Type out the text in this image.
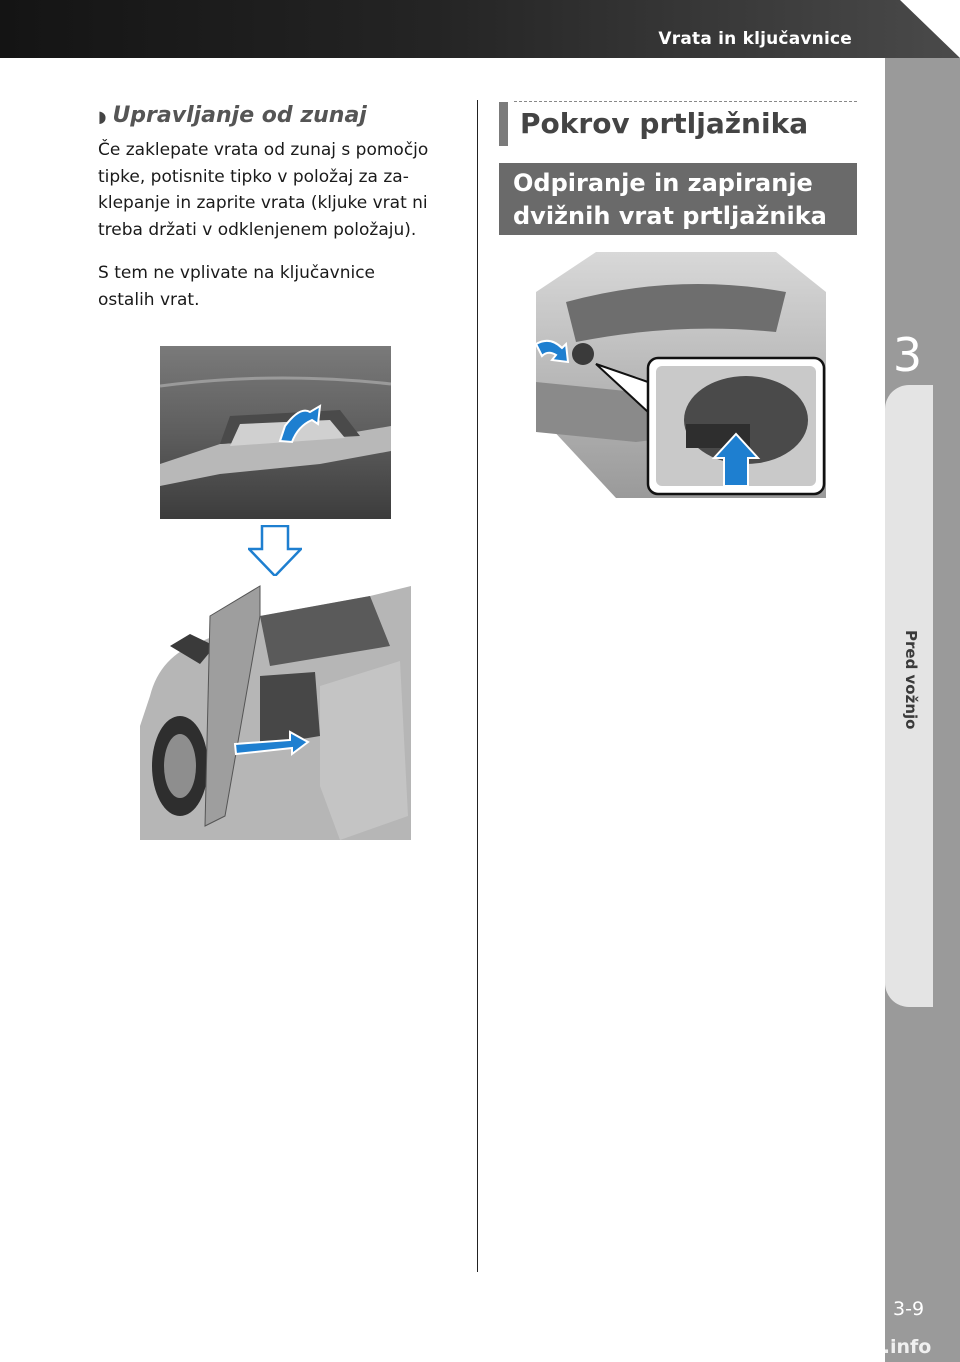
Vrata in ključavnice
3
Pred vožnjo
3-9
◗ Upravljanje od zunaj
Če zaklepate vrata od zunaj s pomočjo
tipke, potisnite tipko v položaj za za-
klepanje in zaprite vrata (kljuke vrat ni
treba držati v odklenjenem položaju).
S tem ne vplivate na ključavnice
ostalih vrat.
Pokrov prtljažnika
Odpiranje in zapiranje
dvižnih vrat prtljažnika
carmanualsonline.info
